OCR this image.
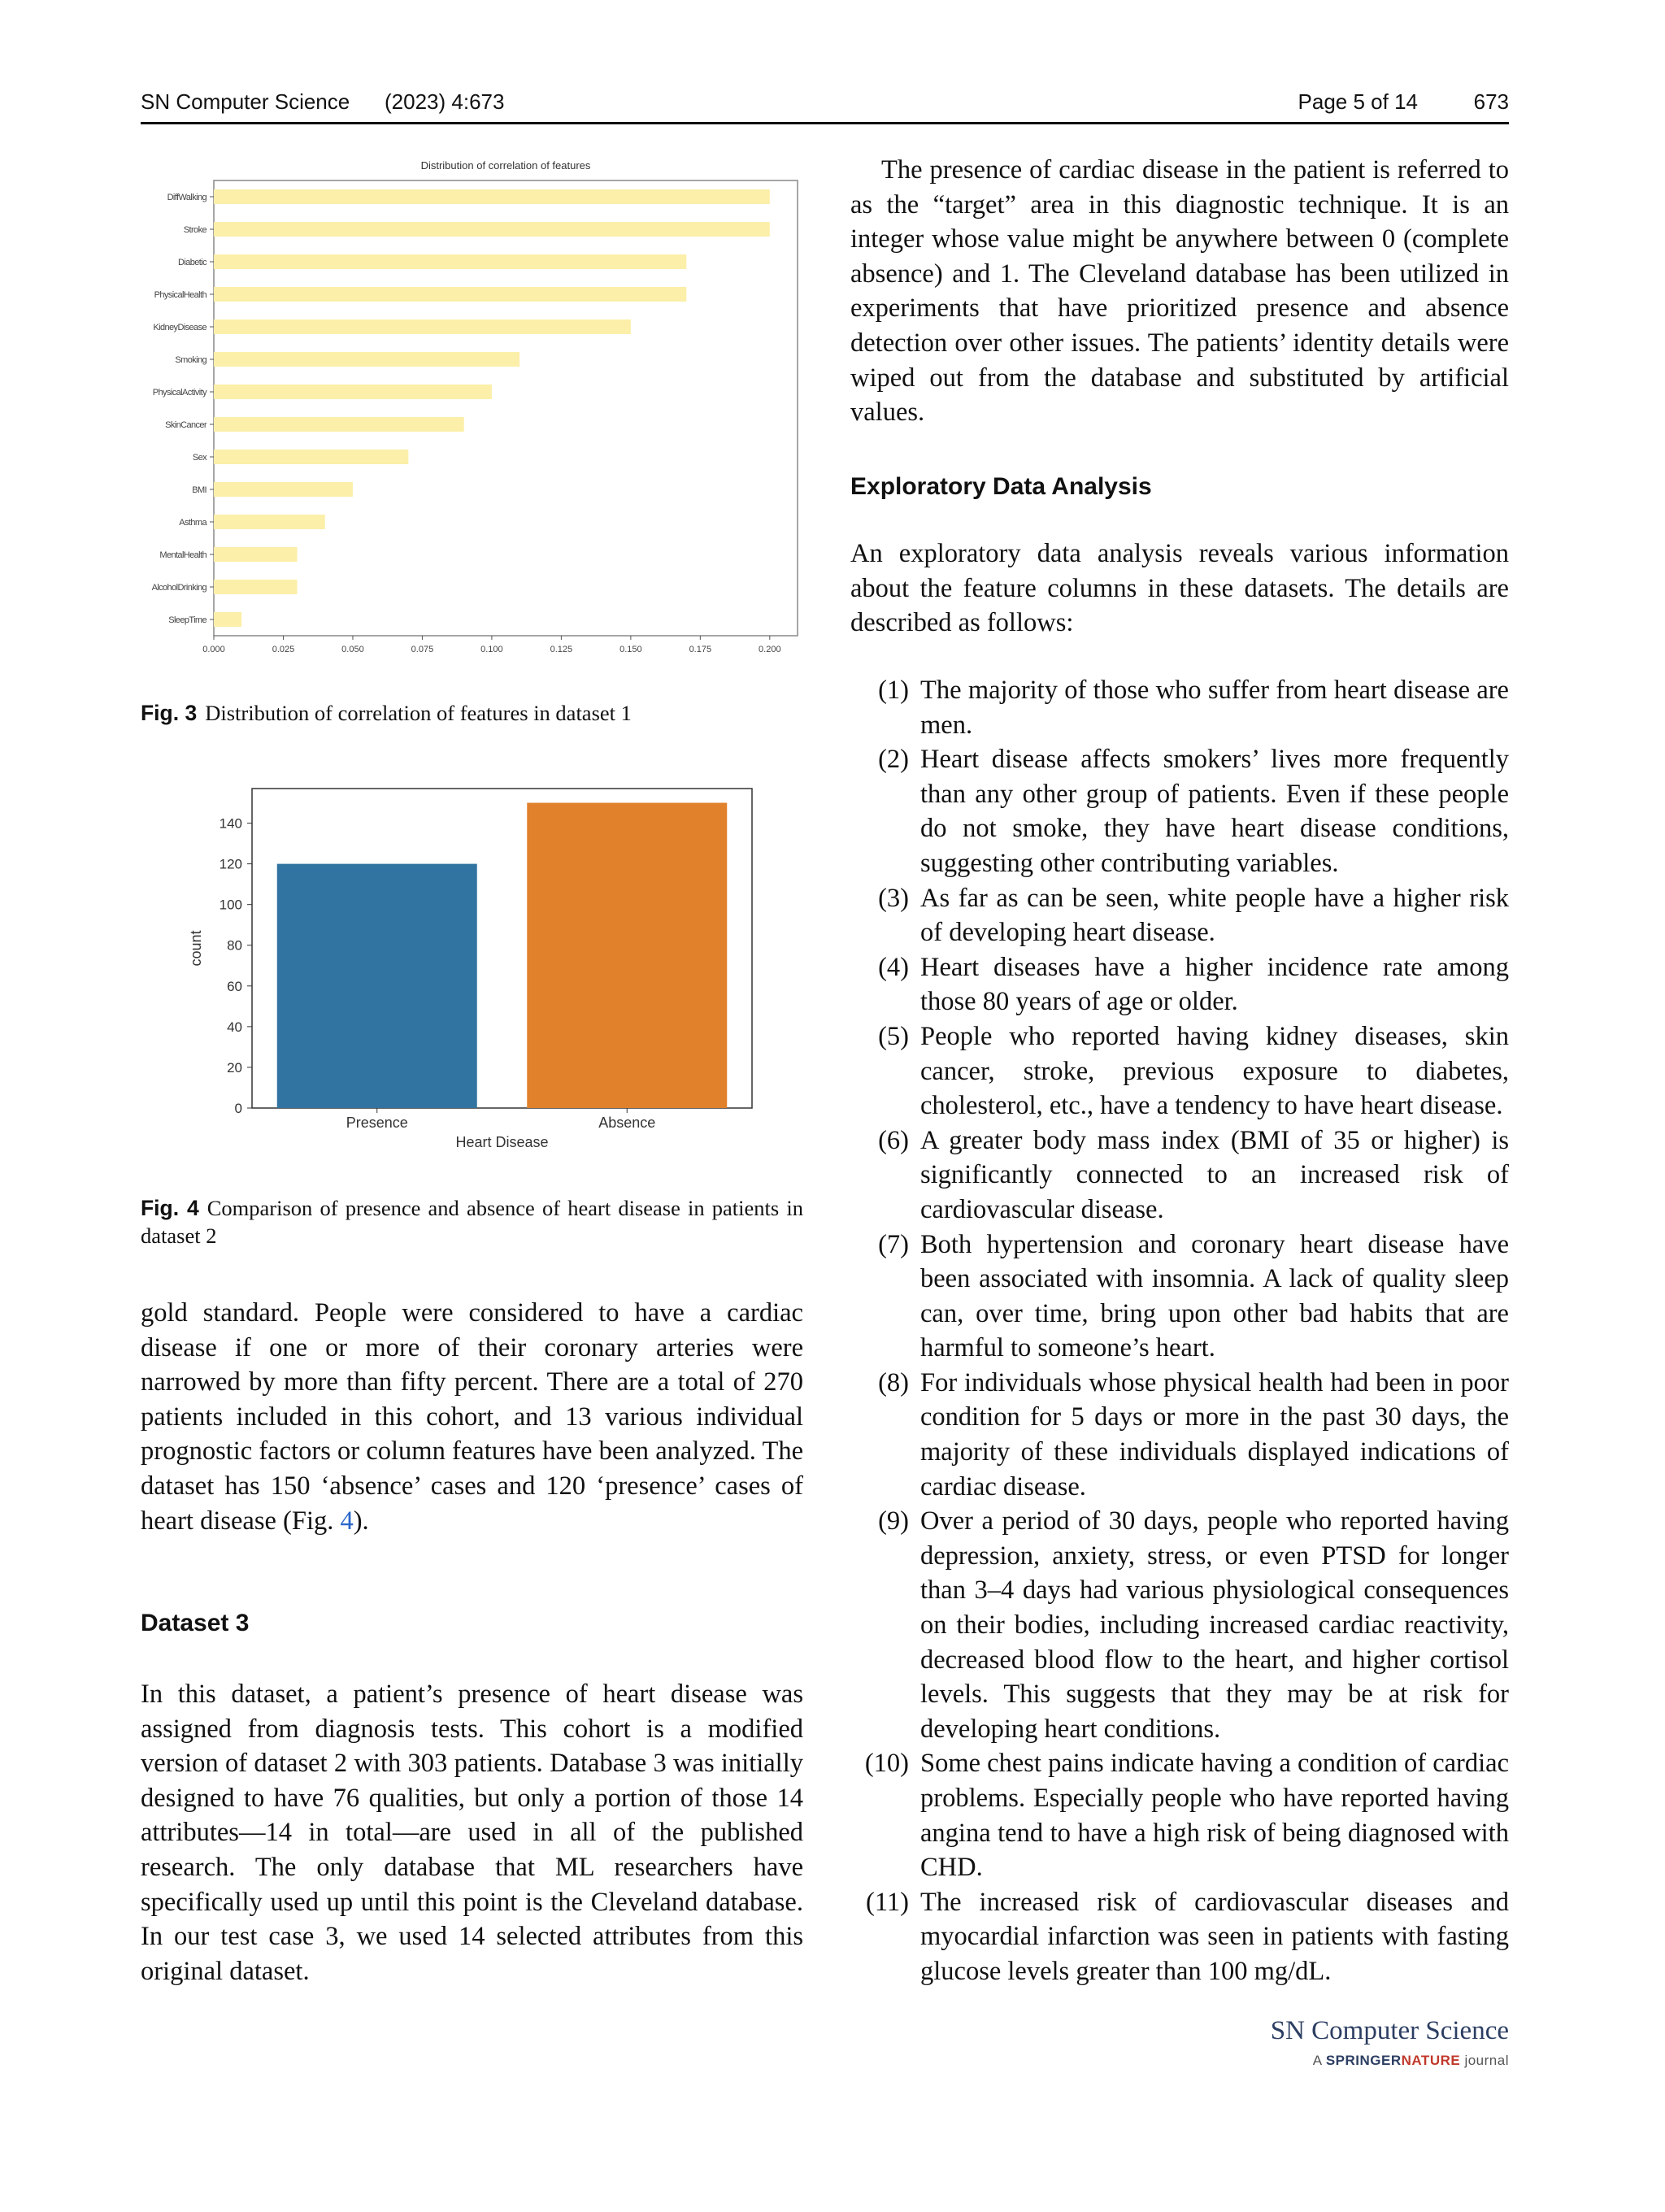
SN Computer Science (2023) 4:673	Page 5 of 14	673
Distribution of correlation of features
DiffWalking
Stroke
Diabetic
PhysicalHealth
KidneyDisease
Smoking
PhysicalActivity
SkinCancer
Sex
BMI
Asthma
MentalHealth
AlcoholDrinking
SleepTime
0.000	0.025	0.050	0.075	0.100	0.125	0.150	0.175	0.200

Fig. 3 Distribution of correlation of features in dataset 1

Presence	Absence
0
20
40
60
80
100
120
140
Heart Disease
count

Fig. 4 Comparison of presence and absence of heart disease in patients in dataset 2

gold standard. People were considered to have a cardiac disease if one or more of their coronary arteries were narrowed by more than fifty percent. There are a total of 270 patients included in this cohort, and 13 various individual prognostic factors or column features have been analyzed. The dataset has 150 ‘absence’ cases and 120 ‘presence’ cases of heart disease (Fig. 4).

Dataset 3

In this dataset, a patient’s presence of heart disease was assigned from diagnosis tests. This cohort is a modified version of dataset 2 with 303 patients. Database 3 was initially designed to have 76 qualities, but only a portion of those 14 attributes—14 in total—are used in all of the published research. The only database that ML researchers have specifically used up until this point is the Cleveland database. In our test case 3, we used 14 selected attributes from this original dataset.

The presence of cardiac disease in the patient is referred to as the “target” area in this diagnostic technique. It is an integer whose value might be anywhere between 0 (complete absence) and 1. The Cleveland database has been utilized in experiments that have prioritized presence and absence detection over other issues. The patients’ identity details were wiped out from the database and substituted by artificial values.

Exploratory Data Analysis

An exploratory data analysis reveals various information about the feature columns in these datasets. The details are described as follows:

(1) The majority of those who suffer from heart disease are men.
(2) Heart disease affects smokers’ lives more frequently than any other group of patients. Even if these people do not smoke, they have heart disease conditions, suggesting other contributing variables.
(3) As far as can be seen, white people have a higher risk of developing heart disease.
(4) Heart diseases have a higher incidence rate among those 80 years of age or older.
(5) People who reported having kidney diseases, skin cancer, stroke, previous exposure to diabetes, cholesterol, etc., have a tendency to have heart disease.
(6) A greater body mass index (BMI of 35 or higher) is significantly connected to an increased risk of cardiovascular disease.
(7) Both hypertension and coronary heart disease have been associated with insomnia. A lack of quality sleep can, over time, bring upon other bad habits that are harmful to someone’s heart.
(8) For individuals whose physical health had been in poor condition for 5 days or more in the past 30 days, the majority of these individuals displayed indications of cardiac disease.
(9) Over a period of 30 days, people who reported having depression, anxiety, stress, or even PTSD for longer than 3–4 days had various physiological consequences on their bodies, including increased cardiac reactivity, decreased blood flow to the heart, and higher cortisol levels. This suggests that they may be at risk for developing heart conditions.
(10) Some chest pains indicate having a condition of cardiac problems. Especially people who have reported having angina tend to have a high risk of being diagnosed with CHD.
(11) The increased risk of cardiovascular diseases and myocardial infarction was seen in patients with fasting glucose levels greater than 100 mg/dL.
SN Computer Science
A SPRINGERNATURE journal
